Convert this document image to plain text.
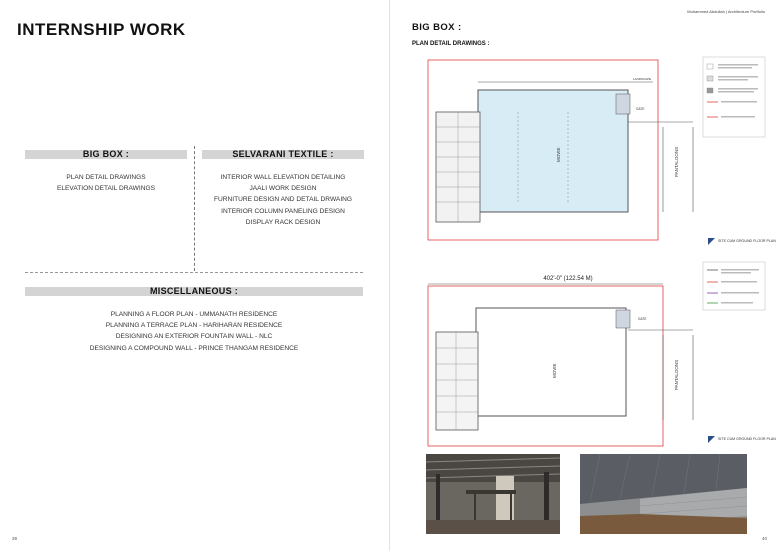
INTERNSHIP WORK
BIG BOX :
PLAN DETAIL DRAWINGS
ELEVATION DETAIL DRAWINGS
SELVARANI TEXTILE :
INTERIOR WALL ELEVATION DETAILING
JAALI WORK DESIGN
FURNITURE DESIGN AND DETAIL DRWAING
INTERIOR COLUMN PANELING DESIGN
DISPLAY RACK DESIGN
MISCELLANEOUS :
PLANNING A FLOOR PLAN - UMMANATH RESIDENCE
PLANNING A TERRACE PLAN - HARIHARAN RESIDENCE
DESIGNING AN EXTERIOR FOUNTAIN WALL - NLC
DESIGNING A COMPOUND WALL - PRINCE THANGAM RESIDENCE
39
Muhammed Abdullah | Architecture Portfolio
BIG BOX :
PLAN DETAIL DRAWINGS :
MOVIE	PANTALOONS
LANDSCAPE
GATE
SITE CUM GROUND FLOOR PLAN
402'-0" (122.54 M)
MOVIE	PANTALOONS
GATE
SITE CUM GROUND FLOOR PLAN
40
